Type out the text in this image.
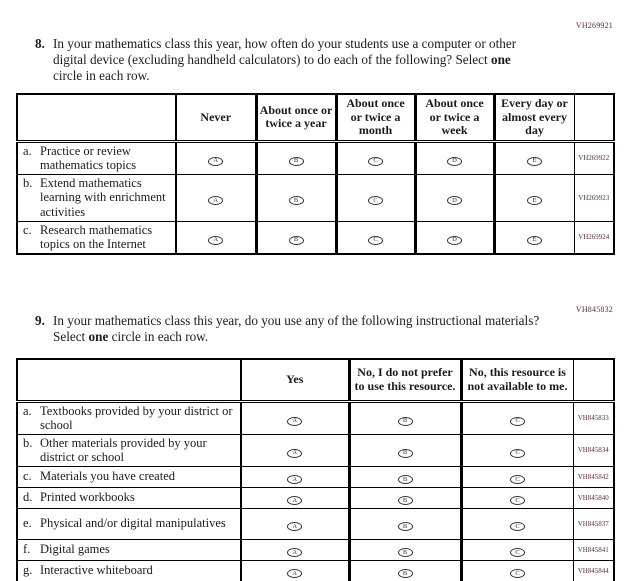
VH269921
8. In your mathematics class this year, how often do your students use a computer or other digital device (excluding handheld calculators) to do each of the following? Select one circle in each row.
	Never	About once or twice a year	About once or twice a month	About once or twice a week	Every day or almost every day	

a. Practice or review mathematics topics	A	B	C	D	E	VH269922

b. Extend mathematics learning with enrichment activities	A	B	C	D	E	VH269923

c. Research mathematics topics on the Internet	A	B	C	D	E	VH269924
VH845832
9. In your mathematics class this year, do you use any of the following instructional materials? Select one circle in each row.
	Yes	No, I do not prefer to use this resource.	No, this resource is not available to me.	

a. Textbooks provided by your district or school	A	B	C	VH845833

b. Other materials provided by your district or school	A	B	C	VH845834

c. Materials you have created	A	B	C	VH845842

d. Printed workbooks	A	B	C	VH845840

e. Physical and/or digital manipulatives	A	B	C	VH845837

f. Digital games	A	B	C	VH845841

g. Interactive whiteboard	A	B	C	VH845844
